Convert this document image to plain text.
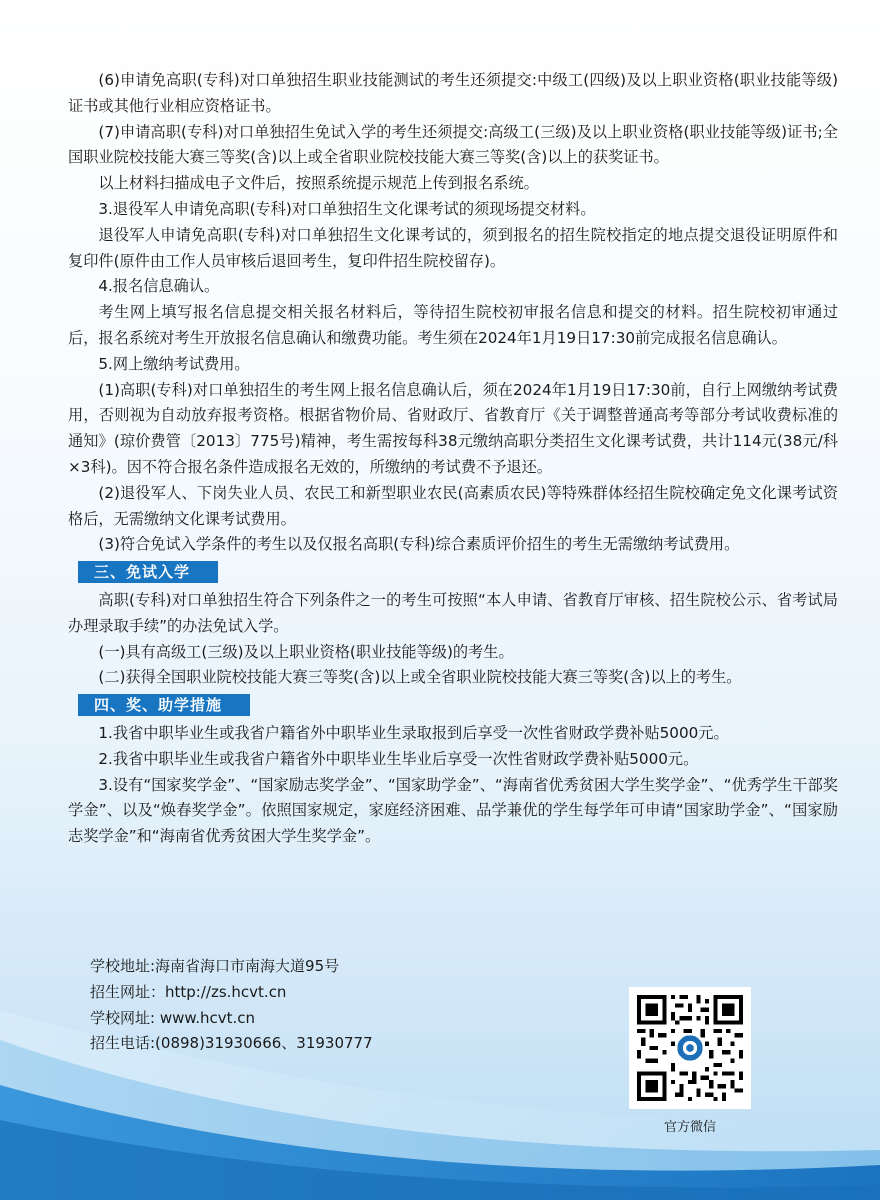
(6)申请免高职(专科)对口单独招生职业技能测试的考生还须提交:中级工(四级)及以上职业资格(职业技能等级)证书或其他行业相应资格证书。

(7)申请高职(专科)对口单独招生免试入学的考生还须提交:高级工(三级)及以上职业资格(职业技能等级)证书;全国职业院校技能大赛三等奖(含)以上或全省职业院校技能大赛三等奖(含)以上的获奖证书。

以上材料扫描成电子文件后，按照系统提示规范上传到报名系统。

3.退役军人申请免高职(专科)对口单独招生文化课考试的须现场提交材料。

退役军人申请免高职(专科)对口单独招生文化课考试的，须到报名的招生院校指定的地点提交退役证明原件和复印件(原件由工作人员审核后退回考生，复印件招生院校留存)。

4.报名信息确认。

考生网上填写报名信息提交相关报名材料后，等待招生院校初审报名信息和提交的材料。招生院校初审通过后，报名系统对考生开放报名信息确认和缴费功能。考生须在2024年1月19日17:30前完成报名信息确认。

5.网上缴纳考试费用。

(1)高职(专科)对口单独招生的考生网上报名信息确认后，须在2024年1月19日17:30前，自行上网缴纳考试费用，否则视为自动放弃报考资格。根据省物价局、省财政厅、省教育厅《关于调整普通高考等部分考试收费标准的通知》(琼价费管〔2013〕775号)精神，考生需按每科38元缴纳高职分类招生文化课考试费，共计114元(38元/科×3科)。因不符合报名条件造成报名无效的，所缴纳的考试费不予退还。

(2)退役军人、下岗失业人员、农民工和新型职业农民(高素质农民)等特殊群体经招生院校确定免文化课考试资格后，无需缴纳文化课考试费用。

(3)符合免试入学条件的考生以及仅报名高职(专科)综合素质评价招生的考生无需缴纳考试费用。

三、免试入学

高职(专科)对口单独招生符合下列条件之一的考生可按照“本人申请、省教育厅审核、招生院校公示、省考试局办理录取手续”的办法免试入学。

(一)具有高级工(三级)及以上职业资格(职业技能等级)的考生。

(二)获得全国职业院校技能大赛三等奖(含)以上或全省职业院校技能大赛三等奖(含)以上的考生。

四、奖、助学措施

1.我省中职毕业生或我省户籍省外中职毕业生录取报到后享受一次性省财政学费补贴5000元。

2.我省中职毕业生或我省户籍省外中职毕业生毕业后享受一次性省财政学费补贴5000元。

3.设有“国家奖学金”、“国家励志奖学金”、“国家助学金”、“海南省优秀贫困大学生奖学金”、“优秀学生干部奖学金”、以及“焕春奖学金”。依照国家规定，家庭经济困难、品学兼优的学生每学年可申请“国家助学金”、“国家励志奖学金”和“海南省优秀贫困大学生奖学金”。

学校地址:海南省海口市南海大道95号
招生网址：http://zs.hcvt.cn
学校网址: www.hcvt.cn
招生电话:(0898)31930666、31930777
官方微信
